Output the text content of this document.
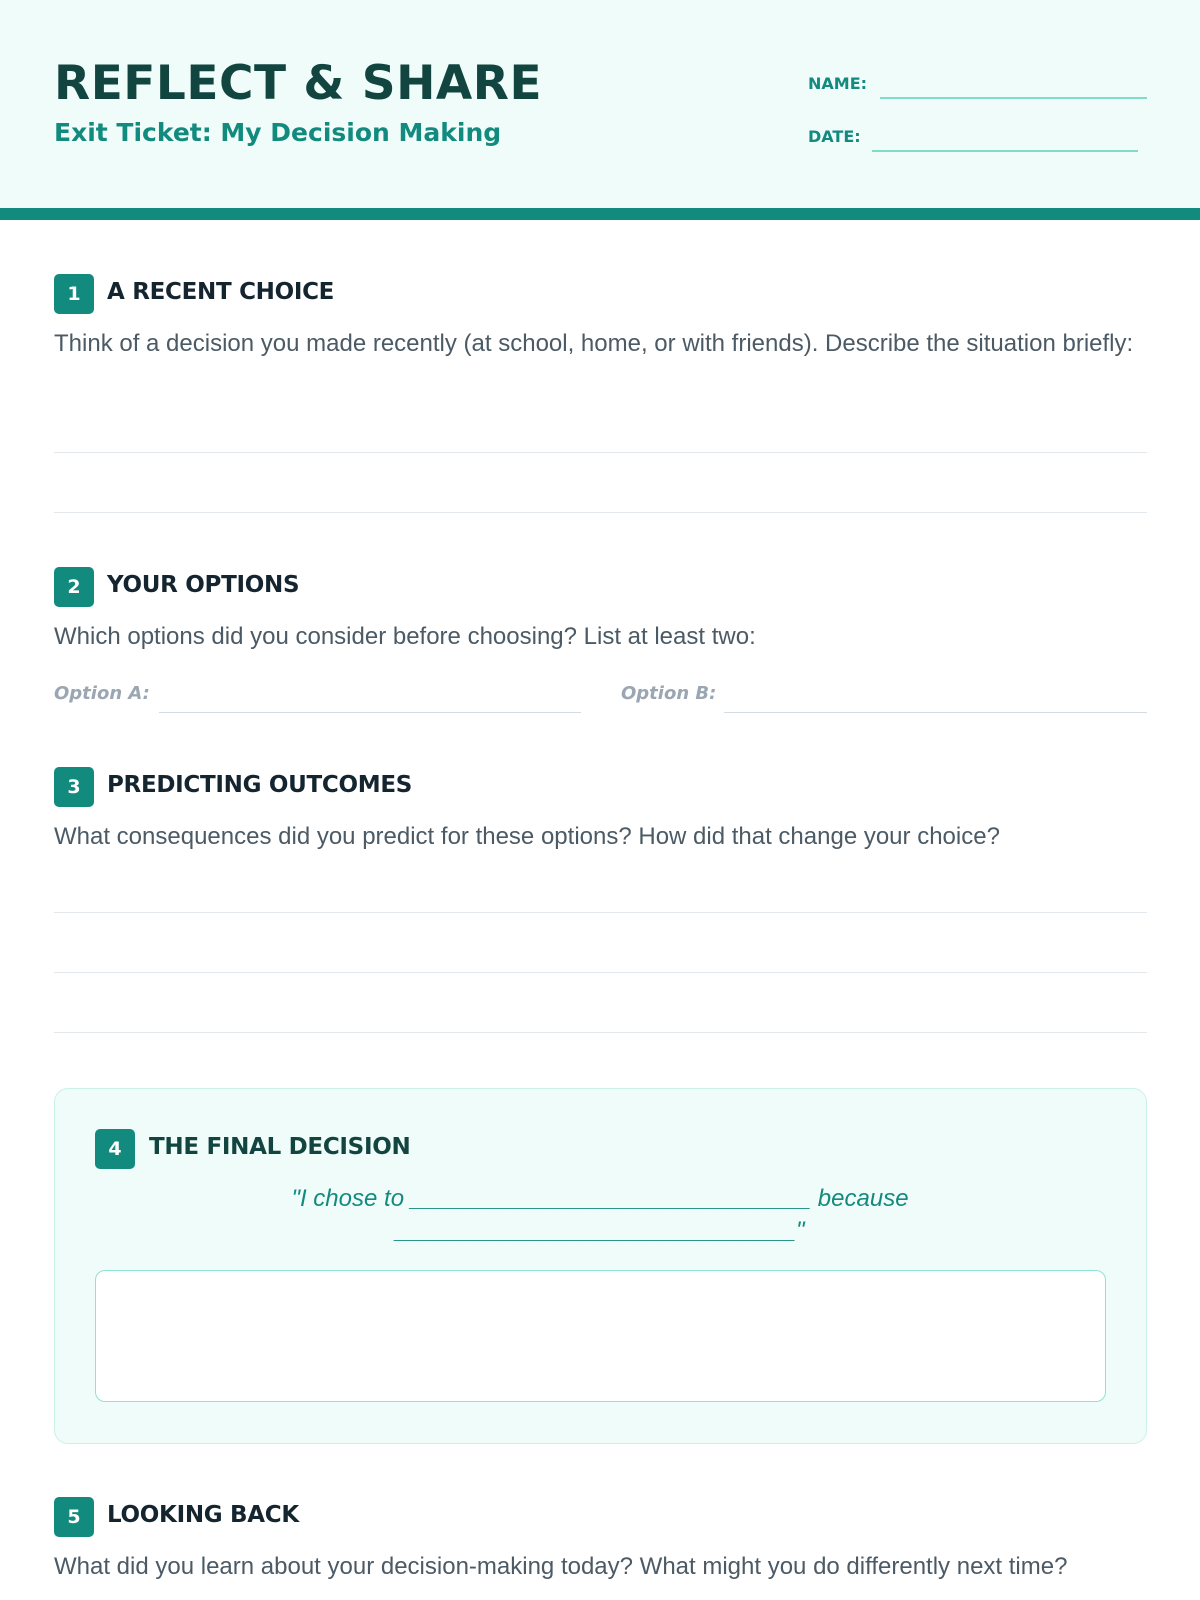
REFLECT & SHARE
Exit Ticket: My Decision Making
NAME:
DATE:
1	A RECENT CHOICE
Think of a decision you made recently (at school, home, or with friends). Describe the situation briefly:
2	YOUR OPTIONS
Which options did you consider before choosing? List at least two:
Option A:	Option B:
3	PREDICTING OUTCOMES
What consequences did you predict for these options? How did that change your choice?
4	THE FINAL DECISION
"I chose to ______________________________ because ______________________________"
5	LOOKING BACK
What did you learn about your decision-making today? What might you do differently next time?
